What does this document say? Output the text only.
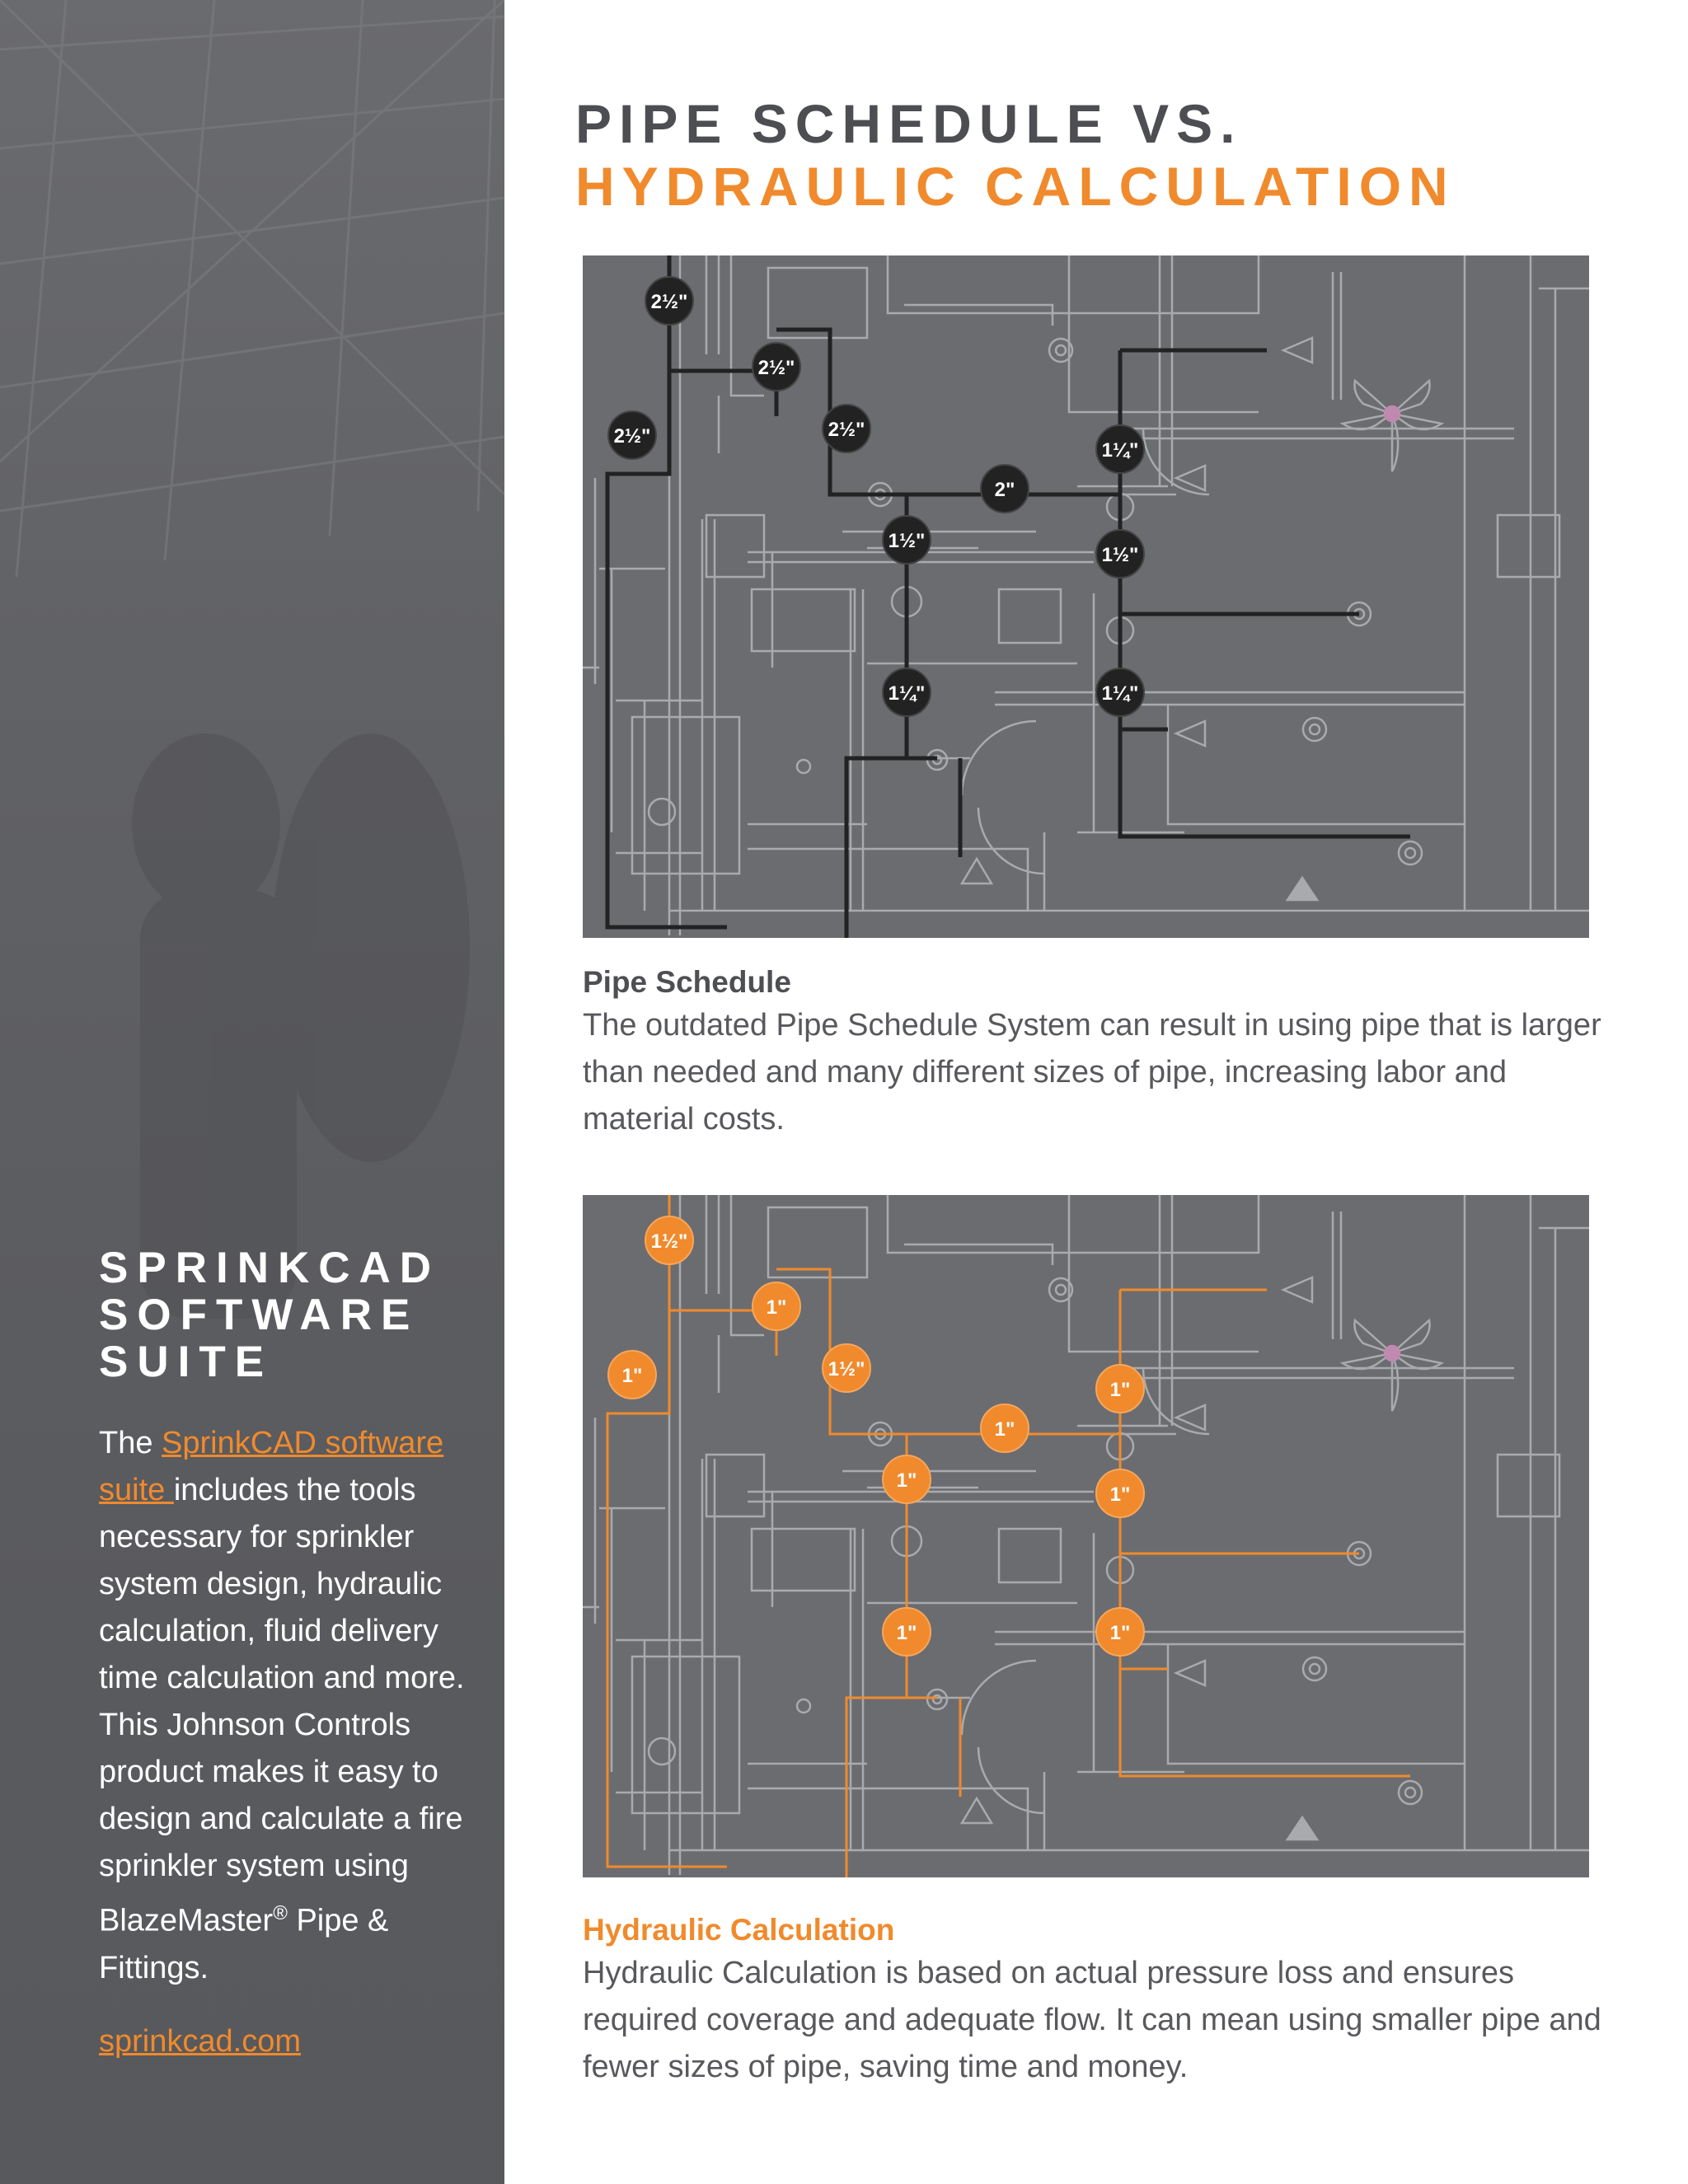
SPRINKCAD
SOFTWARE
SUITE
The SprinkCAD software suite includes the tools necessary for sprinkler system design, hydraulic calculation, fluid delivery time calculation and more. This Johnson Controls product makes it easy to design and calculate a fire sprinkler system using BlazeMaster® Pipe & Fittings.
sprinkcad.com
PIPE SCHEDULE VS.
HYDRAULIC CALCULATION
2½"
2½"
2½"	2½"
2"
1¼"
1½"
1½"
1¼"	1¼"
Pipe Schedule
The outdated Pipe Schedule System can result in using pipe that is larger than needed and many different sizes of pipe, increasing labor and material costs.
1½"
1"
1"	1½"
1"
1"
1"
1"
1"	1"
Hydraulic Calculation
Hydraulic Calculation is based on actual pressure loss and ensures required coverage and adequate flow. It can mean using smaller pipe and fewer sizes of pipe, saving time and money.
